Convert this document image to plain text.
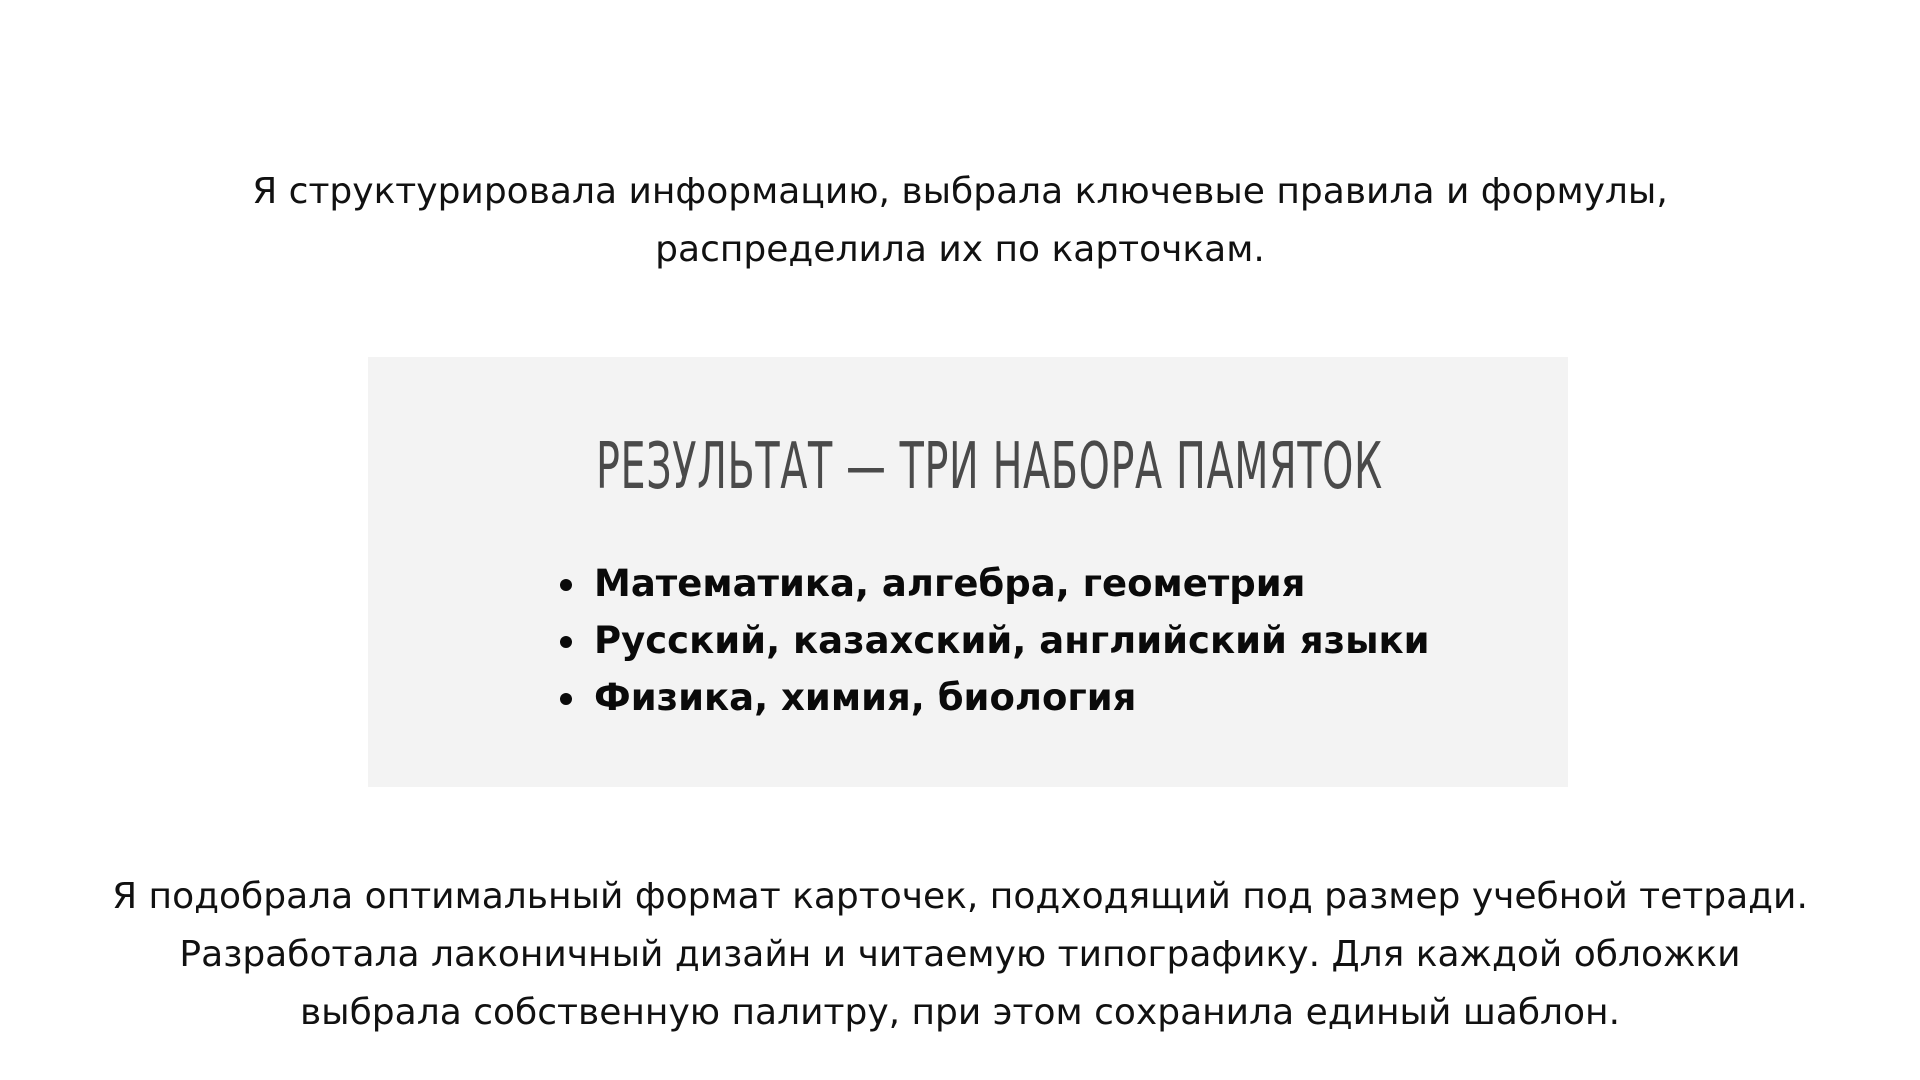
Я структурировала информацию, выбрала ключевые правила и формулы,
распределила их по карточкам.

РЕЗУЛЬТАТ — ТРИ НАБОРА ПАМЯТОК
Математика, алгебра, геометрия
Русский, казахский, английский языки
Физика, химия, биология

Я подобрала оптимальный формат карточек, подходящий под размер учебной тетради.
Разработала лаконичный дизайн и читаемую типографику. Для каждой обложки
выбрала собственную палитру, при этом сохранила единый шаблон.
